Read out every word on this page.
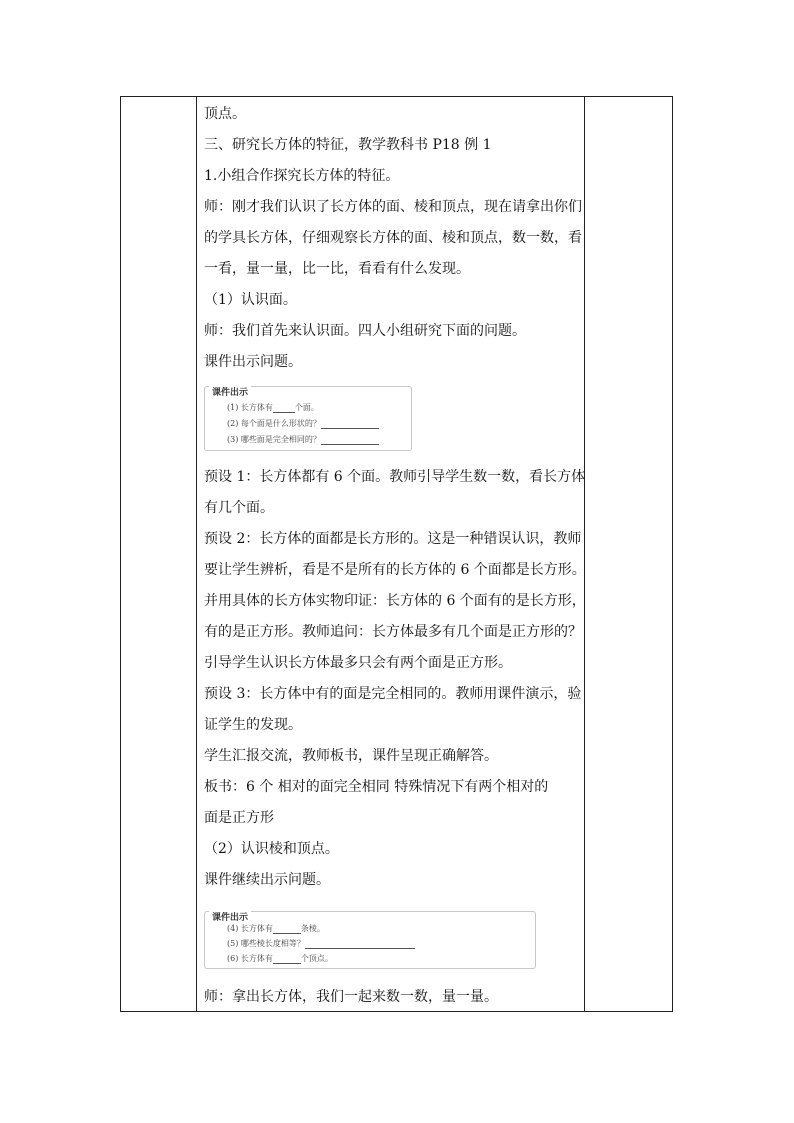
顶点。
三、研究长方体的特征，教学教科书 P18 例 1
1.小组合作探究长方体的特征。
师：刚才我们认识了长方体的面、棱和顶点，现在请拿出你们
的学具长方体，仔细观察长方体的面、棱和顶点，数一数，看
一看，量一量，比一比，看看有什么发现。
（1）认识面。
师：我们首先来认识面。四人小组研究下面的问题。
课件出示问题。
课件出示
(1) 长方体有	个面。
(2) 每个面是什么形状的？
(3) 哪些面是完全相同的？
预设 1：长方体都有 6 个面。教师引导学生数一数，看长方体
有几个面。
预设 2：长方体的面都是长方形的。这是一种错误认识，教师
要让学生辨析，看是不是所有的长方体的 6 个面都是长方形。
并用具体的长方体实物印证：长方体的 6 个面有的是长方形，
有的是正方形。教师追问：长方体最多有几个面是正方形的？
引导学生认识长方体最多只会有两个面是正方形。
预设 3：长方体中有的面是完全相同的。教师用课件演示，验
证学生的发现。
学生汇报交流，教师板书，课件呈现正确解答。
板书：6 个 相对的面完全相同 特殊情况下有两个相对的
面是正方形
（2）认识棱和顶点。
课件继续出示问题。
课件出示
(4) 长方体有	条棱。
(5) 哪些棱长度相等？
(6) 长方体有	个顶点。
师：拿出长方体，我们一起来数一数，量一量。
